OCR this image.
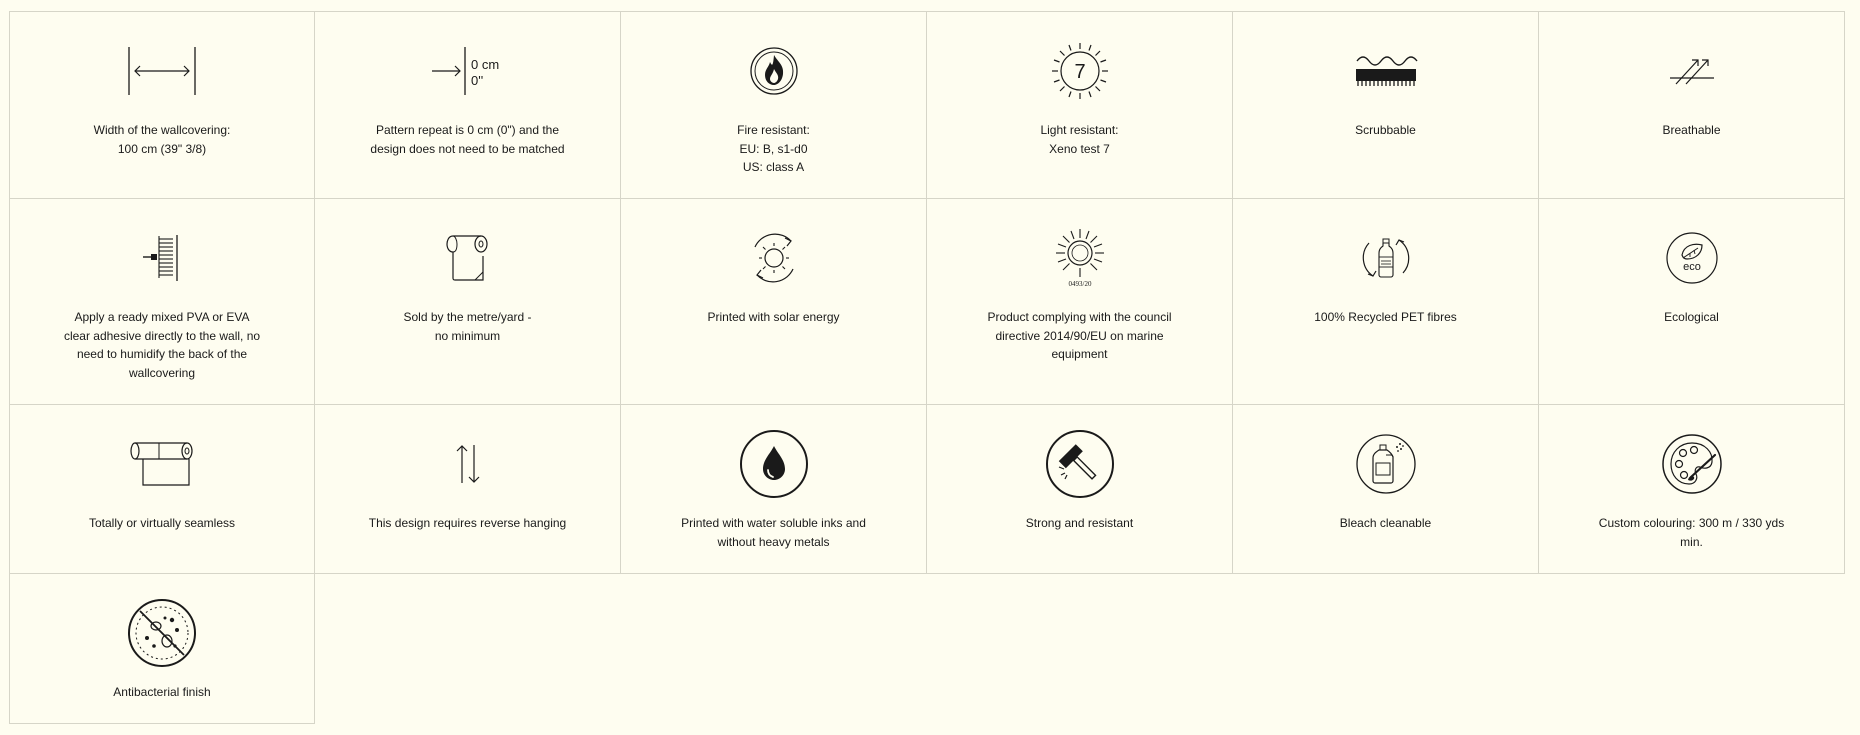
Width of the wallcovering:
100 cm (39" 3/8)
0 cm
0''
Pattern repeat is 0 cm (0") and the design does not need to be matched
Fire resistant:
EU: B, s1-d0
US: class A
7
Light resistant:
Xeno test 7
Scrubbable	Breathable
Apply a ready mixed PVA or EVA clear adhesive directly to the wall, no need to humidify the back of the wallcovering
Sold by the metre/yard -
no minimum
Printed with solar energy
0493/20
Product complying with the council directive 2014/90/EU on marine equipment
100% Recycled PET fibres
eco
Ecological
Totally or virtually seamless	This design requires reverse hanging	Printed with water soluble inks and without heavy metals
Strong and resistant	Bleach cleanable	Custom colouring: 300 m / 330 yds min.
Antibacterial finish
